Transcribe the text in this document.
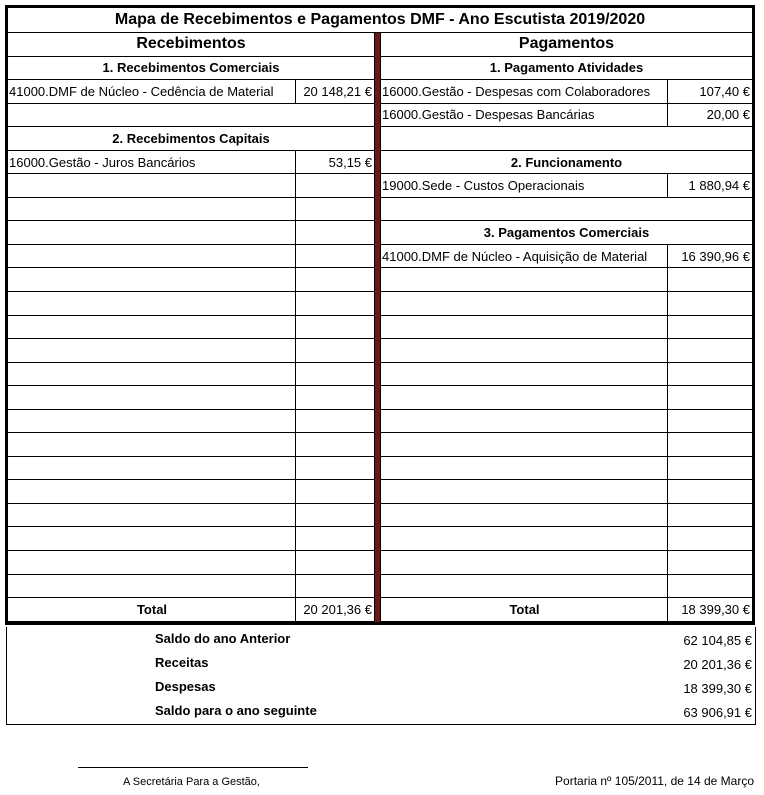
Mapa de Recebimentos e Pagamentos DMF - Ano Escutista 2019/2020
Recebimentos
1. Recebimentos Comerciais
41000.DMF de Núcleo - Cedência de Material	20 148,21 €
2. Recebimentos Capitais
16000.Gestão - Juros Bancários	53,15 €
Total	20 201,36 €
Pagamentos
1. Pagamento Atividades
16000.Gestão - Despesas com Colaboradores	107,40 €
16000.Gestão - Despesas Bancárias	20,00 €
2. Funcionamento
19000.Sede - Custos Operacionais	1 880,94 €
3. Pagamentos Comerciais
41000.DMF de Núcleo - Aquisição de Material	16 390,96 €
Total	18 399,30 €
Saldo do ano Anterior	62 104,85 €
Receitas	20 201,36 €
Despesas	18 399,30 €
Saldo para o ano seguinte	63 906,91 €
A Secretária Para a Gestão,	Portaria nº 105/2011, de 14 de Março
